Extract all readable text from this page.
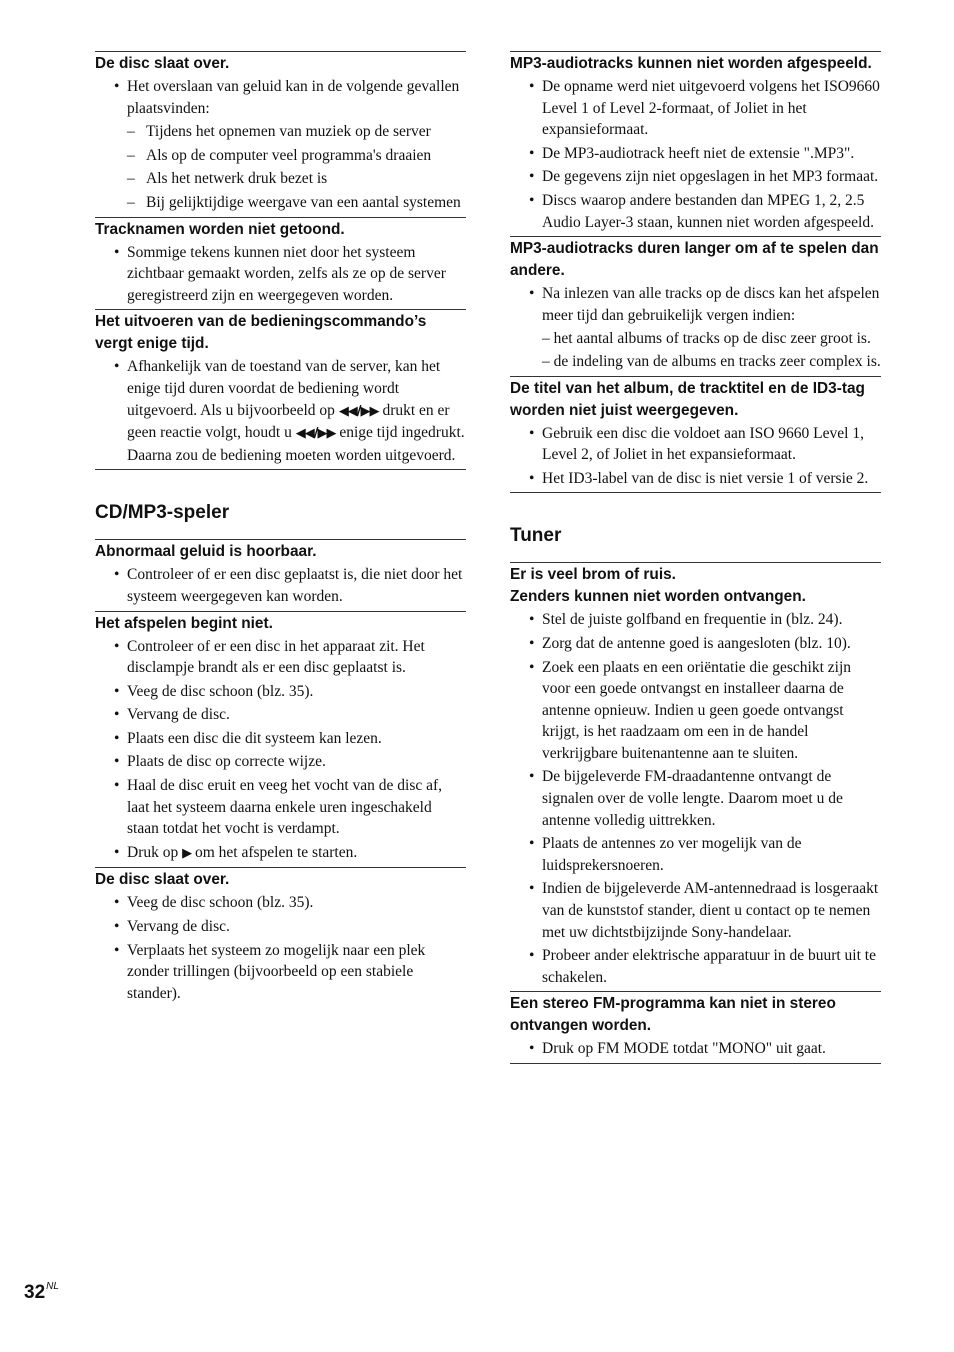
De disc slaat over.

• Het overslaan van geluid kan in de volgende gevallen plaatsvinden:
– Tijdens het opnemen van muziek op de server
– Als op de computer veel programma's draaien
– Als het netwerk druk bezet is
– Bij gelijktijdige weergave van een aantal systemen

Tracknamen worden niet getoond.

• Sommige tekens kunnen niet door het systeem zichtbaar gemaakt worden, zelfs als ze op de server geregistreerd zijn en weergegeven worden.

Het uitvoeren van de bedieningscommando’s vergt enige tijd.

• Afhankelijk van de toestand van de server, kan het enige tijd duren voordat de bediening wordt uitgevoerd. Als u bijvoorbeeld op ◀◀/▶▶ drukt en er geen reactie volgt, houdt u ◀◀/▶▶ enige tijd ingedrukt. Daarna zou de bediening moeten worden uitgevoerd.
CD/MP3-speler

Abnormaal geluid is hoorbaar.

• Controleer of er een disc geplaatst is, die niet door het systeem weergegeven kan worden.

Het afspelen begint niet.

• Controleer of er een disc in het apparaat zit. Het disclampje brandt als er een disc geplaatst is.
• Veeg de disc schoon (blz. 35).
• Vervang de disc.
• Plaats een disc die dit systeem kan lezen.
• Plaats de disc op correcte wijze.
• Haal de disc eruit en veeg het vocht van de disc af, laat het systeem daarna enkele uren ingeschakeld staan totdat het vocht is verdampt.
• Druk op ▶ om het afspelen te starten.

De disc slaat over.

• Veeg de disc schoon (blz. 35).
• Vervang de disc.
• Verplaats het systeem zo mogelijk naar een plek zonder trillingen (bijvoorbeeld op een stabiele stander).

MP3-audiotracks kunnen niet worden afgespeeld.

• De opname werd niet uitgevoerd volgens het ISO9660 Level 1 of Level 2-formaat, of Joliet in het expansieformaat.
• De MP3-audiotrack heeft niet de extensie ".MP3".
• De gegevens zijn niet opgeslagen in het MP3 formaat.
• Discs waarop andere bestanden dan MPEG 1, 2, 2.5 Audio Layer-3 staan, kunnen niet worden afgespeeld.

MP3-audiotracks duren langer om af te spelen dan andere.

• Na inlezen van alle tracks op de discs kan het afspelen meer tijd dan gebruikelijk vergen indien:
– het aantal albums of tracks op de disc zeer groot is.
– de indeling van de albums en tracks zeer complex is.

De titel van het album, de tracktitel en de ID3-tag worden niet juist weergegeven.

• Gebruik een disc die voldoet aan ISO 9660 Level 1, Level 2, of Joliet in het expansieformaat.
• Het ID3-label van de disc is niet versie 1 of versie 2.
Tuner

Er is veel brom of ruis.

Zenders kunnen niet worden ontvangen.

• Stel de juiste golfband en frequentie in (blz. 24).
• Zorg dat de antenne goed is aangesloten (blz. 10).
• Zoek een plaats en een oriëntatie die geschikt zijn voor een goede ontvangst en installeer daarna de antenne opnieuw. Indien u geen goede ontvangst krijgt, is het raadzaam om een in de handel verkrijgbare buitenantenne aan te sluiten.
• De bijgeleverde FM-draadantenne ontvangt de signalen over de volle lengte. Daarom moet u de antenne volledig uittrekken.
• Plaats de antennes zo ver mogelijk van de luidsprekersnoeren.
• Indien de bijgeleverde AM-antennedraad is losgeraakt van de kunststof stander, dient u contact op te nemen met uw dichtstbijzijnde Sony-handelaar.
• Probeer ander elektrische apparatuur in de buurt uit te schakelen.

Een stereo FM-programma kan niet in stereo ontvangen worden.

• Druk op FM MODE totdat "MONO" uit gaat.
$32^{NL}$
